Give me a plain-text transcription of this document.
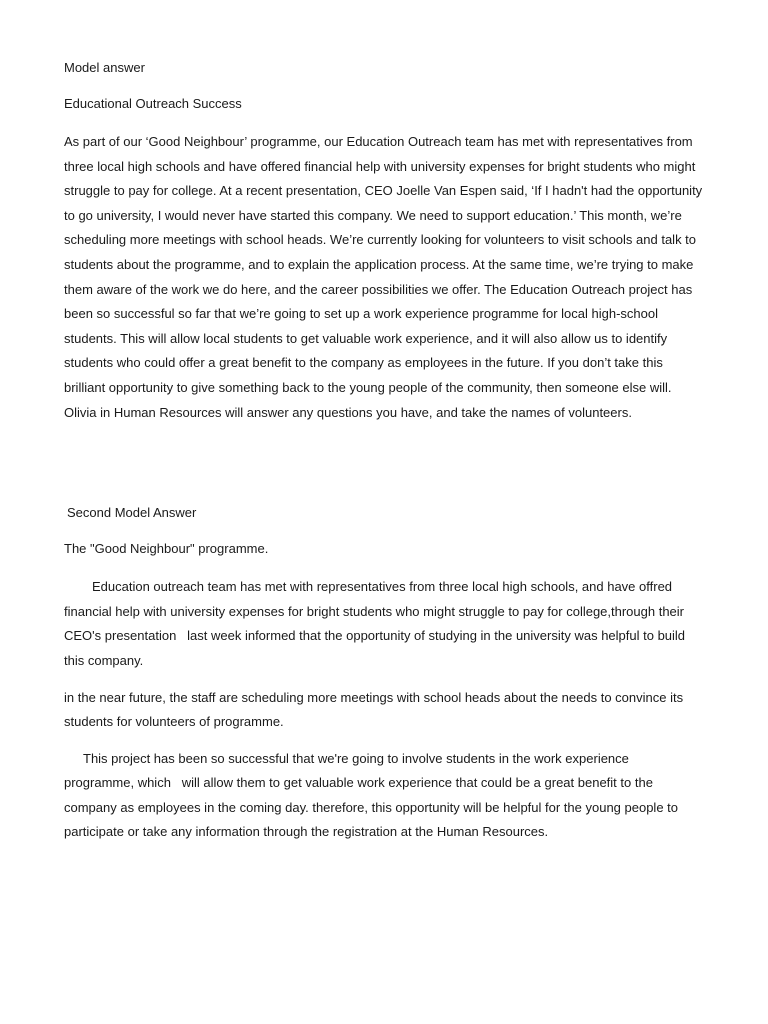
Model answer

Educational Outreach Success

As part of our ‘Good Neighbour’ programme, our Education Outreach team has met with representatives from
three local high schools and have offered financial help with university expenses for bright students who might
struggle to pay for college. At a recent presentation, CEO Joelle Van Espen said, ‘If I hadn't had the opportunity
to go university, I would never have started this company. We need to support education.’ This month, we’re
scheduling more meetings with school heads. We’re currently looking for volunteers to visit schools and talk to
students about the programme, and to explain the application process. At the same time, we’re trying to make
them aware of the work we do here, and the career possibilities we offer. The Education Outreach project has
been so successful so far that we’re going to set up a work experience programme for local high-school
students. This will allow local students to get valuable work experience, and it will also allow us to identify
students who could offer a great benefit to the company as employees in the future. If you don’t take this
brilliant opportunity to give something back to the young people of the community, then someone else will.
Olivia in Human Resources will answer any questions you have, and take the names of volunteers.

Second Model Answer

The "Good Neighbour" programme.

Education outreach team has met with representatives from three local high schools, and have offred
financial help with university expenses for bright students who might struggle to pay for college,through their
CEO's presentation   last week informed that the opportunity of studying in the university was helpful to build
this company.
in the near future, the staff are scheduling more meetings with school heads about the needs to convince its
students for volunteers of programme.
This project has been so successful that we're going to involve students in the work experience
programme, which   will allow them to get valuable work experience that could be a great benefit to the
company as employees in the coming day. therefore, this opportunity will be helpful for the young people to
participate or take any information through the registration at the Human Resources.
